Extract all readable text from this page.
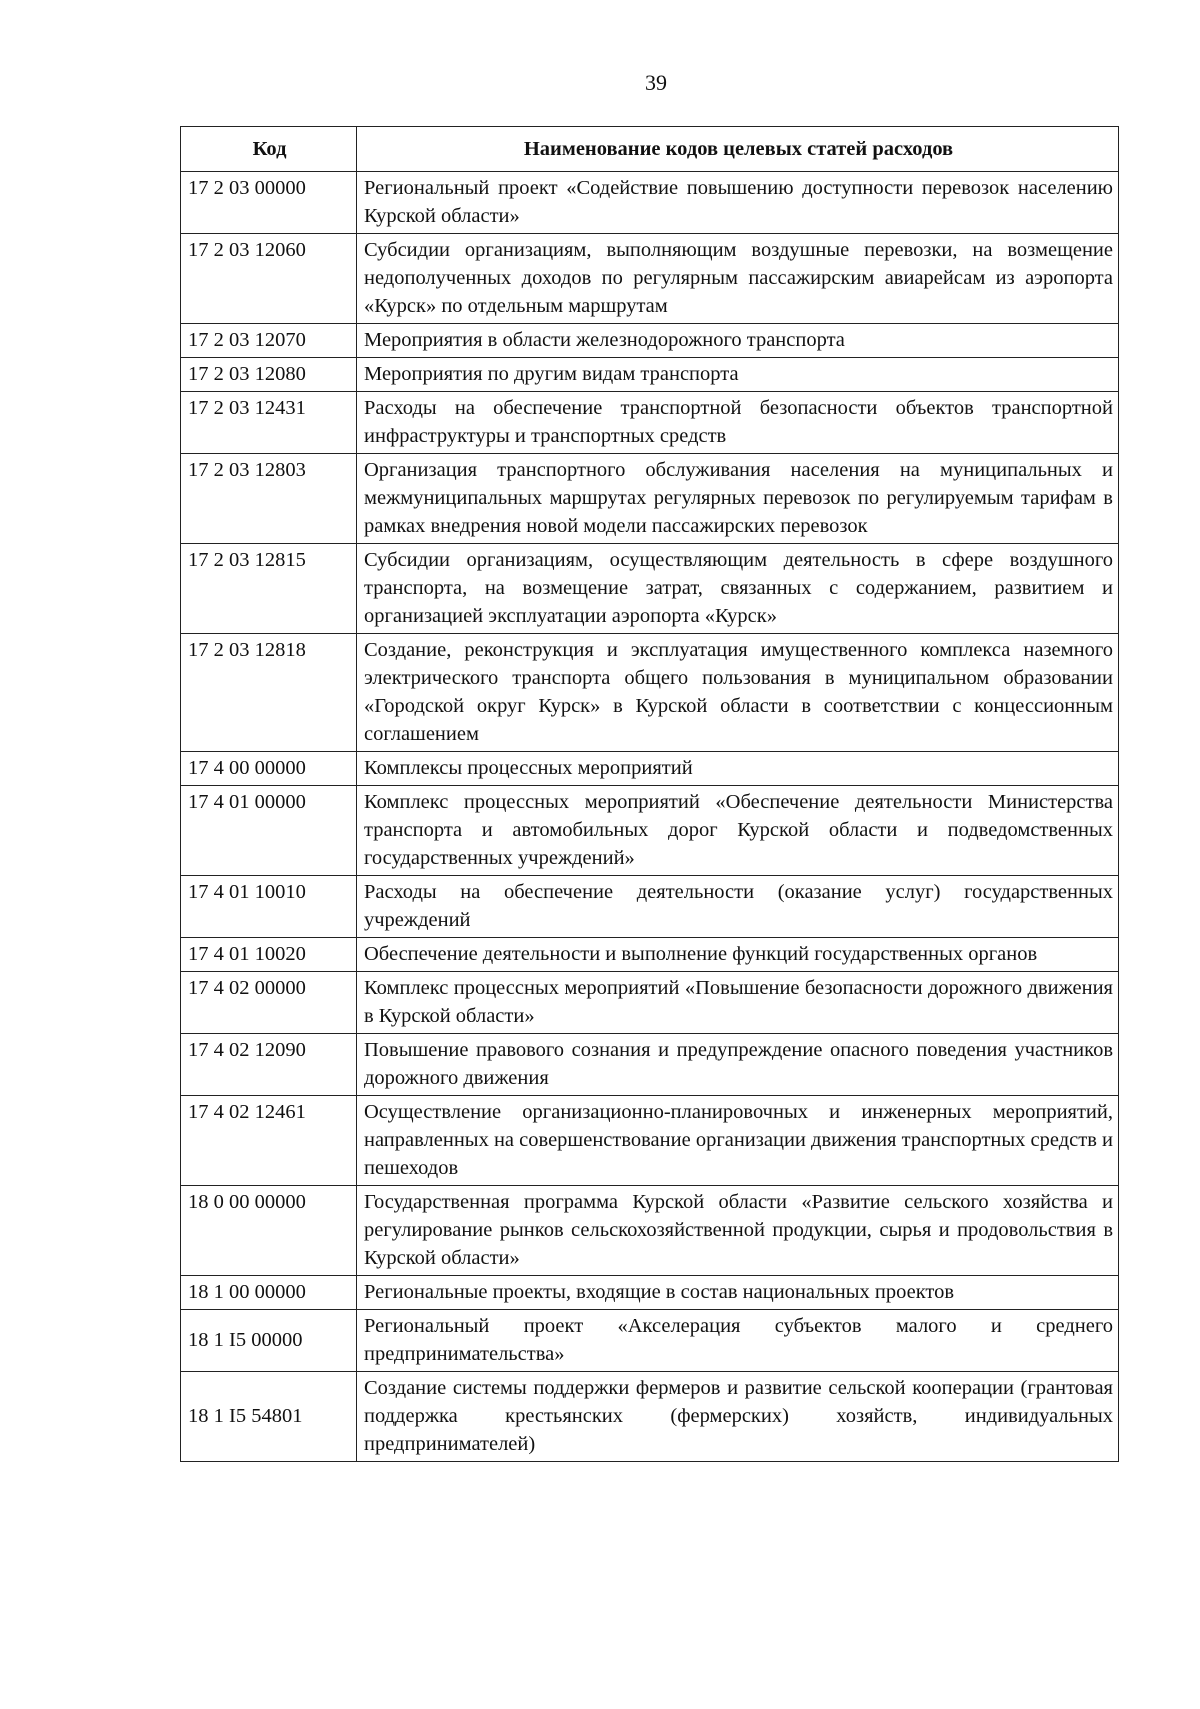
39
Код	Наименование кодов целевых статей расходов
17 2 03 00000	Региональный проект «Содействие повышению доступности перевозок населению Курской области»
17 2 03 12060	Субсидии организациям, выполняющим воздушные перевозки, на возмещение недополученных доходов по регулярным пассажирским авиарейсам из аэропорта «Курск» по отдельным маршрутам
17 2 03 12070	Мероприятия в области железнодорожного транспорта
17 2 03 12080	Мероприятия по другим видам транспорта
17 2 03 12431	Расходы на обеспечение транспортной безопасности объектов транспортной инфраструктуры и транспортных средств
17 2 03 12803	Организация транспортного обслуживания населения на муниципальных и межмуниципальных маршрутах регулярных перевозок по регулируемым тарифам в рамках внедрения новой модели пассажирских перевозок
17 2 03 12815	Субсидии организациям, осуществляющим деятельность в сфере воздушного транспорта, на возмещение затрат, связанных с содержанием, развитием и организацией эксплуатации аэропорта «Курск»
17 2 03 12818	Создание, реконструкция и эксплуатация имущественного комплекса наземного электрического транспорта общего пользования в муниципальном образовании «Городской округ Курск» в Курской области в соответствии с концессионным соглашением
17 4 00 00000	Комплексы процессных мероприятий
17 4 01 00000	Комплекс процессных мероприятий «Обеспечение деятельности Министерства транспорта и автомобильных дорог Курской области и подведомственных государственных учреждений»
17 4 01 10010	Расходы на обеспечение деятельности (оказание услуг) государственных учреждений
17 4 01 10020	Обеспечение деятельности и выполнение функций государственных органов
17 4 02 00000	Комплекс процессных мероприятий «Повышение безопасности дорожного движения в Курской области»
17 4 02 12090	Повышение правового сознания и предупреждение опасного поведения участников дорожного движения
17 4 02 12461	Осуществление организационно-планировочных и инженерных мероприятий, направленных на совершенствование организации движения транспортных средств и пешеходов
18 0 00 00000	Государственная программа Курской области «Развитие сельского хозяйства и регулирование рынков сельскохозяйственной продукции, сырья и продовольствия в Курской области»
18 1 00 00000	Региональные проекты, входящие в состав национальных проектов
18 1 I5 00000	Региональный проект «Акселерация субъектов малого и среднего предпринимательства»
18 1 I5 54801	Создание системы поддержки фермеров и развитие сельской кооперации (грантовая поддержка крестьянских (фермерских) хозяйств, индивидуальных предпринимателей)
